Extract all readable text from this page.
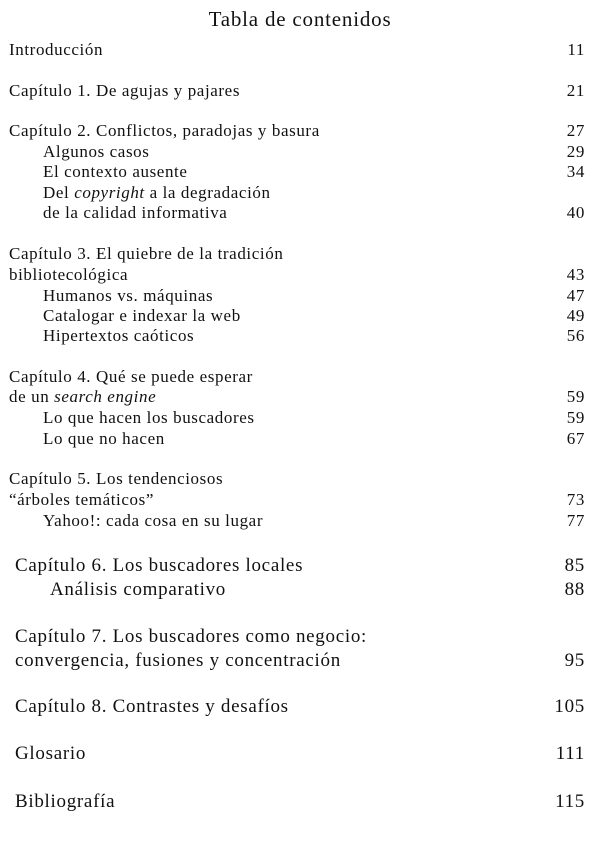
Tabla de contenidos
Introducción	11
Capítulo 1. De agujas y pajares	21
Capítulo 2. Conflictos, paradojas y basura	27
Algunos casos	29
El contexto ausente	34
Del copyright a la degradación
de la calidad informativa	40
Capítulo 3. El quiebre de la tradición
bibliotecológica	43
Humanos vs. máquinas	47
Catalogar e indexar la web	49
Hipertextos caóticos	56
Capítulo 4. Qué se puede esperar
de un search engine	59
Lo que hacen los buscadores	59
Lo que no hacen	67
Capítulo 5. Los tendenciosos
“árboles temáticos”	73
Yahoo!: cada cosa en su lugar	77
Capítulo 6. Los buscadores locales	85
Análisis comparativo	88
Capítulo 7. Los buscadores como negocio:
convergencia, fusiones y concentración	95
Capítulo 8. Contrastes y desafíos	105
Glosario	111
Bibliografía	115
